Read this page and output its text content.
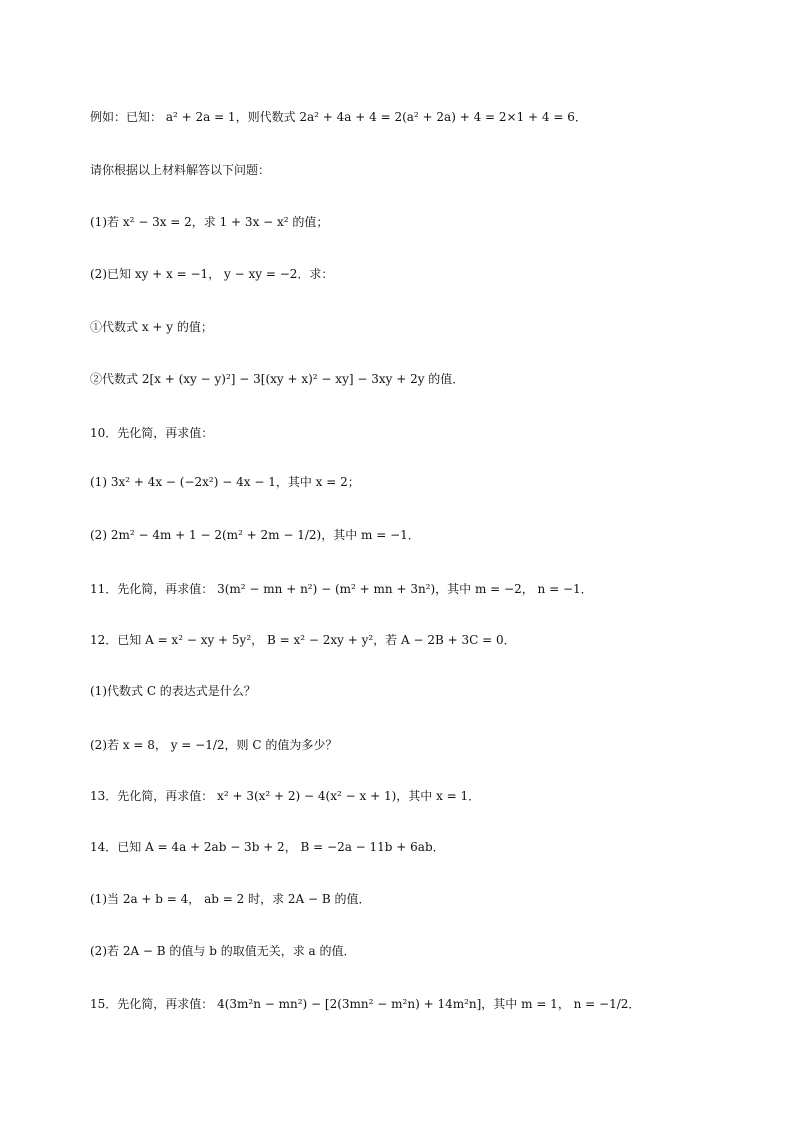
例如：已知： a² + 2a = 1，则代数式 2a² + 4a + 4 = 2(a² + 2a) + 4 = 2×1 + 4 = 6．
请你根据以上材料解答以下问题：
(1)若 x² − 3x = 2，求 1 + 3x − x² 的值；
(2)已知 xy + x = −1， y − xy = −2．求：
①代数式 x + y 的值；
②代数式 2[x + (xy − y)²] − 3[(xy + x)² − xy] − 3xy + 2y 的值．
10．先化简，再求值：
(1) 3x² + 4x − (−2x²) − 4x − 1，其中 x = 2；
(2) 2m² − 4m + 1 − 2(m² + 2m − 1/2)，其中 m = −1．
11．先化简，再求值： 3(m² − mn + n²) − (m² + mn + 3n²)，其中 m = −2， n = −1．
12．已知 A = x² − xy + 5y²， B = x² − 2xy + y²，若 A − 2B + 3C = 0．
(1)代数式 C 的表达式是什么？
(2)若 x = 8， y = −1/2，则 C 的值为多少？
13．先化简，再求值： x² + 3(x² + 2) − 4(x² − x + 1)，其中 x = 1．
14．已知 A = 4a + 2ab − 3b + 2， B = −2a − 11b + 6ab．
(1)当 2a + b = 4， ab = 2 时，求 2A − B 的值．
(2)若 2A − B 的值与 b 的取值无关，求 a 的值．
15．先化简，再求值： 4(3m²n − mn²) − [2(3mn² − m²n) + 14m²n]，其中 m = 1， n = −1/2．
